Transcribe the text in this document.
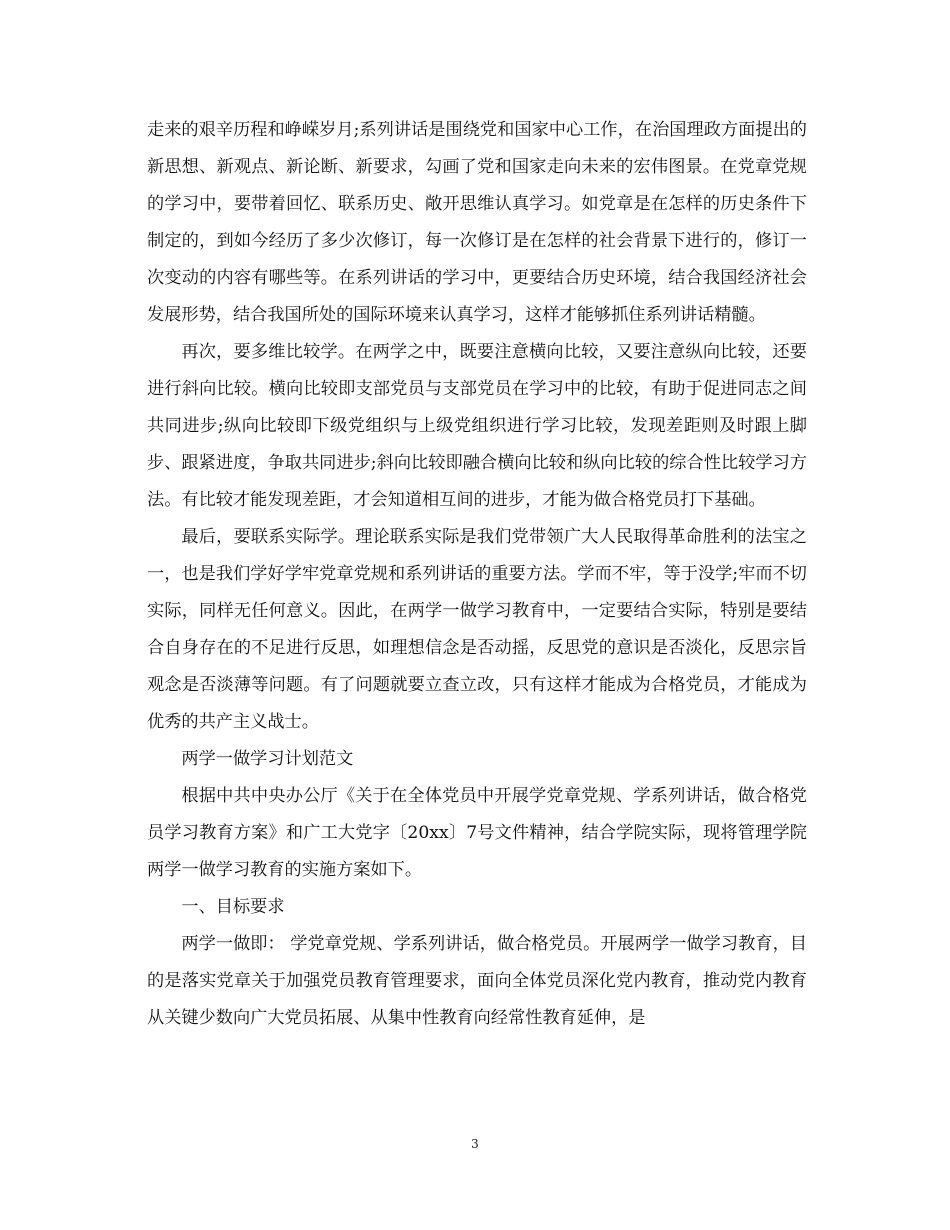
走来的艰辛历程和峥嵘岁月;系列讲话是围绕党和国家中心工作，在治国理政方面提出的新思想、新观点、新论断、新要求，勾画了党和国家走向未来的宏伟图景。在党章党规的学习中，要带着回忆、联系历史、敞开思维认真学习。如党章是在怎样的历史条件下制定的，到如今经历了多少次修订，每一次修订是在怎样的社会背景下进行的，修订一次变动的内容有哪些等。在系列讲话的学习中，更要结合历史环境，结合我国经济社会发展形势，结合我国所处的国际环境来认真学习，这样才能够抓住系列讲话精髓。

再次，要多维比较学。在两学之中，既要注意横向比较，又要注意纵向比较，还要进行斜向比较。横向比较即支部党员与支部党员在学习中的比较，有助于促进同志之间共同进步;纵向比较即下级党组织与上级党组织进行学习比较，发现差距则及时跟上脚步、跟紧进度，争取共同进步;斜向比较即融合横向比较和纵向比较的综合性比较学习方法。有比较才能发现差距，才会知道相互间的进步，才能为做合格党员打下基础。

最后，要联系实际学。理论联系实际是我们党带领广大人民取得革命胜利的法宝之一，也是我们学好学牢党章党规和系列讲话的重要方法。学而不牢，等于没学;牢而不切实际，同样无任何意义。因此，在两学一做学习教育中，一定要结合实际，特别是要结合自身存在的不足进行反思，如理想信念是否动摇，反思党的意识是否淡化，反思宗旨观念是否淡薄等问题。有了问题就要立查立改，只有这样才能成为合格党员，才能成为优秀的共产主义战士。

两学一做学习计划范文

根据中共中央办公厅《关于在全体党员中开展学党章党规、学系列讲话，做合格党员学习教育方案》和广工大党字〔20xx〕7号文件精神，结合学院实际，现将管理学院两学一做学习教育的实施方案如下。

一、目标要求

两学一做即： 学党章党规、学系列讲话，做合格党员。开展两学一做学习教育，目的是落实党章关于加强党员教育管理要求，面向全体党员深化党内教育，推动党内教育从关键少数向广大党员拓展、从集中性教育向经常性教育延伸，是

3
